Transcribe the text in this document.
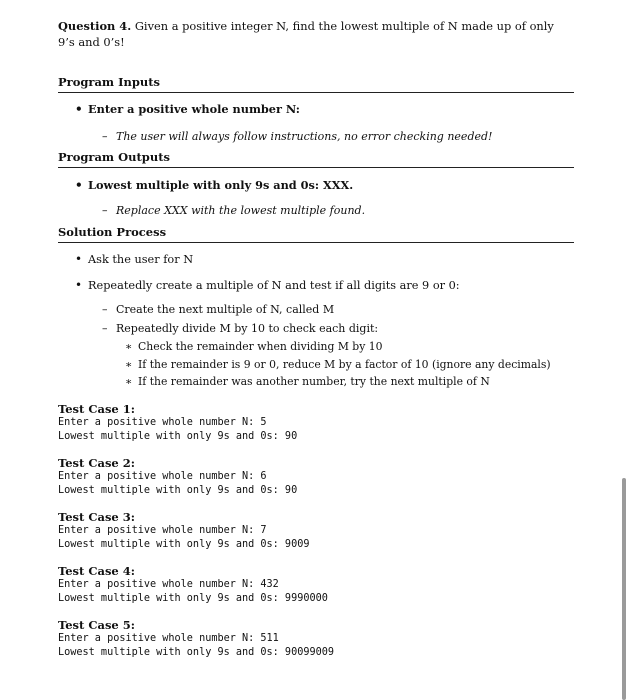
Question 4. Given a positive integer N, find the lowest multiple of N made up of only 9’s and 0’s!

Program Inputs
• Enter a positive whole number N:
– The user will always follow instructions, no error checking needed!
Program Outputs
• Lowest multiple with only 9s and 0s: XXX.
– Replace XXX with the lowest multiple found.
Solution Process
• Ask the user for N
• Repeatedly create a multiple of N and test if all digits are 9 or 0:
– Create the next multiple of N, called M
– Repeatedly divide M by 10 to check each digit:
∗ Check the remainder when dividing M by 10
∗ If the remainder is 9 or 0, reduce M by a factor of 10 (ignore any decimals)
∗ If the remainder was another number, try the next multiple of N
Test Case 1:
Enter a positive whole number N: 5
Lowest multiple with only 9s and 0s: 90
Test Case 2:
Enter a positive whole number N: 6
Lowest multiple with only 9s and 0s: 90
Test Case 3:
Enter a positive whole number N: 7
Lowest multiple with only 9s and 0s: 9009
Test Case 4:
Enter a positive whole number N: 432
Lowest multiple with only 9s and 0s: 9990000
Test Case 5:
Enter a positive whole number N: 511
Lowest multiple with only 9s and 0s: 90099009
